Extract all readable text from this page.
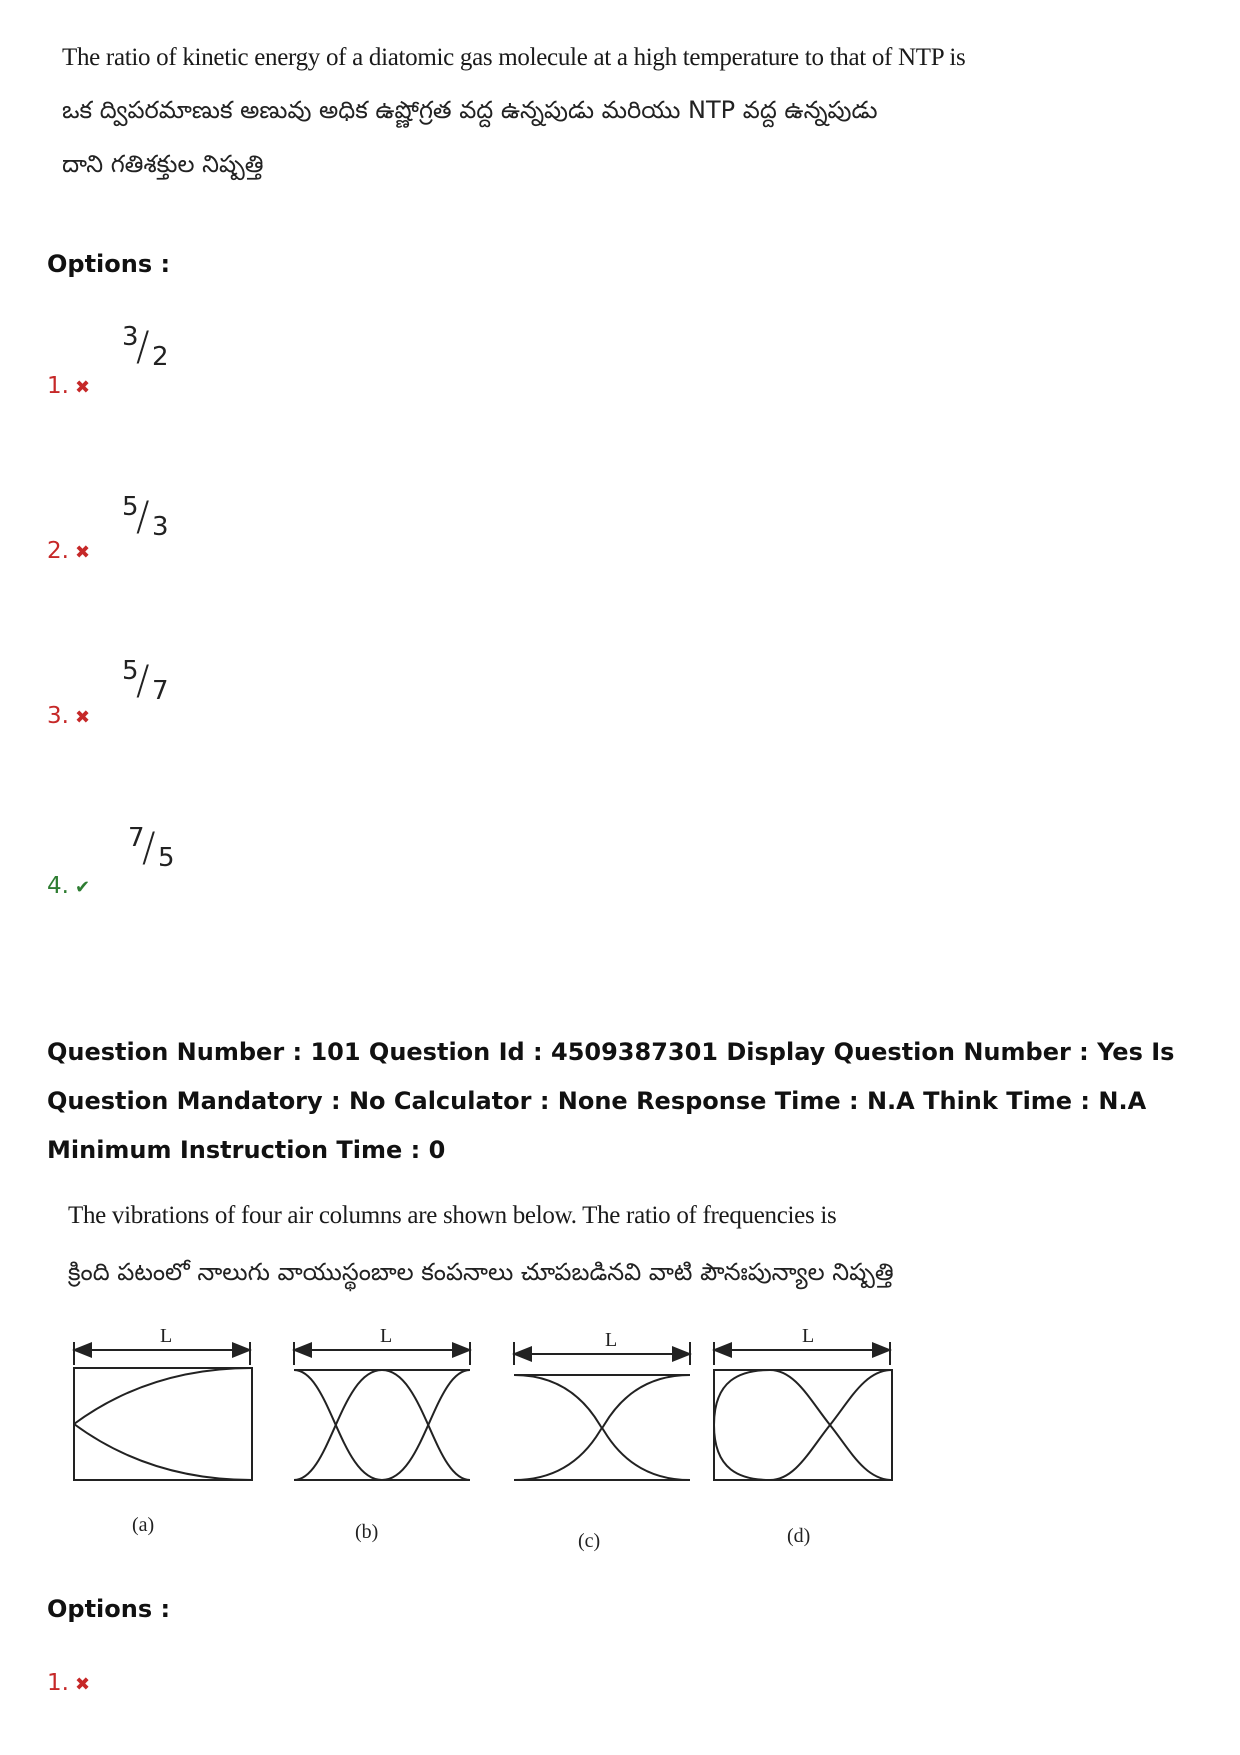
The ratio of kinetic energy of a diatomic gas molecule at a high temperature to that of NTP is
ఒక ద్విపరమాణుక అణువు అధిక ఉష్ణోగ్రత వద్ద ఉన్నపుడు మరియు NTP వద్ద ఉన్నపుడు
దాని గతిశక్తుల నిష్పత్తి
Options :
1. ✖
3
/ 2
2. ✖
5
/ 3
3. ✖
5
/ 7
4. ✔
7
/ 5
Question Number : 101 Question Id : 4509387301 Display Question Number : Yes Is Question Mandatory : No Calculator : None Response Time : N.A Think Time : N.A Minimum Instruction Time : 0
The vibrations of four air columns are shown below. The ratio of frequencies is
క్రింది పటంలో నాలుగు వాయుస్థంబాల కంపనాలు చూపబడినవి వాటి పౌనఃపున్యాల నిష్పత్తి
L	L	L	L
(a)	(b)	(c)	(d)
Options :
1. ✖
